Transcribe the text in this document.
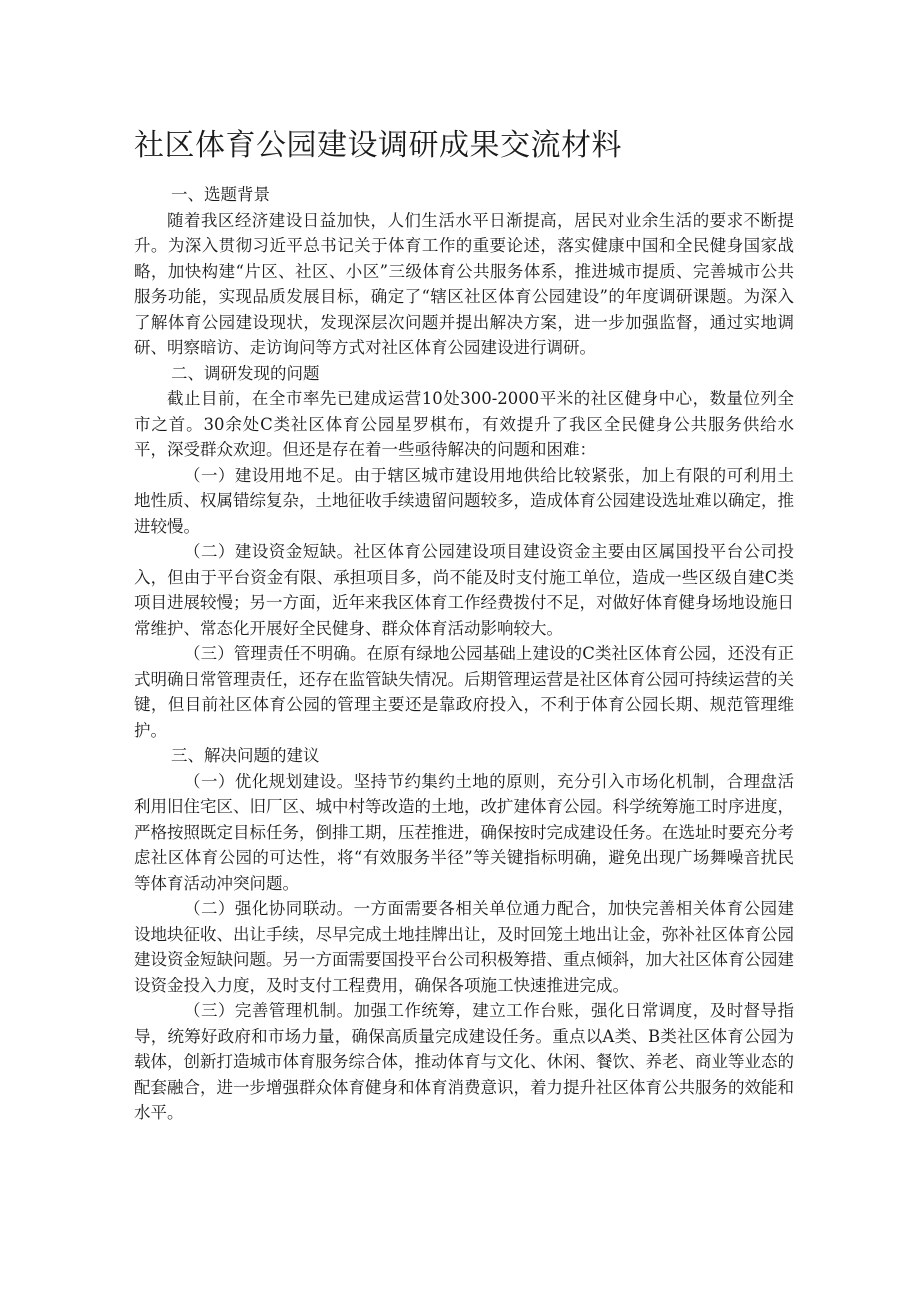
社区体育公园建设调研成果交流材料

一、选题背景

随着我区经济建设日益加快，人们生活水平日渐提高，居民对业余生活的要求不断提升。为深入贯彻习近平总书记关于体育工作的重要论述，落实健康中国和全民健身国家战略，加快构建“片区、社区、小区”三级体育公共服务体系，推进城市提质、完善城市公共服务功能，实现品质发展目标，确定了“辖区社区体育公园建设”的年度调研课题。为深入了解体育公园建设现状，发现深层次问题并提出解决方案，进一步加强监督，通过实地调研、明察暗访、走访询问等方式对社区体育公园建设进行调研。

二、调研发现的问题

截止目前，在全市率先已建成运营10处300-2000平米的社区健身中心，数量位列全市之首。30余处C类社区体育公园星罗棋布，有效提升了我区全民健身公共服务供给水平，深受群众欢迎。但还是存在着一些亟待解决的问题和困难：

（一）建设用地不足。由于辖区城市建设用地供给比较紧张，加上有限的可利用土地性质、权属错综复杂，土地征收手续遗留问题较多，造成体育公园建设选址难以确定，推进较慢。

（二）建设资金短缺。社区体育公园建设项目建设资金主要由区属国投平台公司投入，但由于平台资金有限、承担项目多，尚不能及时支付施工单位，造成一些区级自建C类项目进展较慢；另一方面，近年来我区体育工作经费拨付不足，对做好体育健身场地设施日常维护、常态化开展好全民健身、群众体育活动影响较大。

（三）管理责任不明确。在原有绿地公园基础上建设的C类社区体育公园，还没有正式明确日常管理责任，还存在监管缺失情况。后期管理运营是社区体育公园可持续运营的关键，但目前社区体育公园的管理主要还是靠政府投入，不利于体育公园长期、规范管理维护。

三、解决问题的建议

（一）优化规划建设。坚持节约集约土地的原则，充分引入市场化机制，合理盘活利用旧住宅区、旧厂区、城中村等改造的土地，改扩建体育公园。科学统筹施工时序进度，严格按照既定目标任务，倒排工期，压茬推进，确保按时完成建设任务。在选址时要充分考虑社区体育公园的可达性，将“有效服务半径”等关键指标明确，避免出现广场舞噪音扰民等体育活动冲突问题。

（二）强化协同联动。一方面需要各相关单位通力配合，加快完善相关体育公园建设地块征收、出让手续，尽早完成土地挂牌出让，及时回笼土地出让金，弥补社区体育公园建设资金短缺问题。另一方面需要国投平台公司积极筹措、重点倾斜，加大社区体育公园建设资金投入力度，及时支付工程费用，确保各项施工快速推进完成。

（三）完善管理机制。加强工作统筹，建立工作台账，强化日常调度，及时督导指导，统筹好政府和市场力量，确保高质量完成建设任务。重点以A类、B类社区体育公园为载体，创新打造城市体育服务综合体，推动体育与文化、休闲、餐饮、养老、商业等业态的配套融合，进一步增强群众体育健身和体育消费意识，着力提升社区体育公共服务的效能和水平。
